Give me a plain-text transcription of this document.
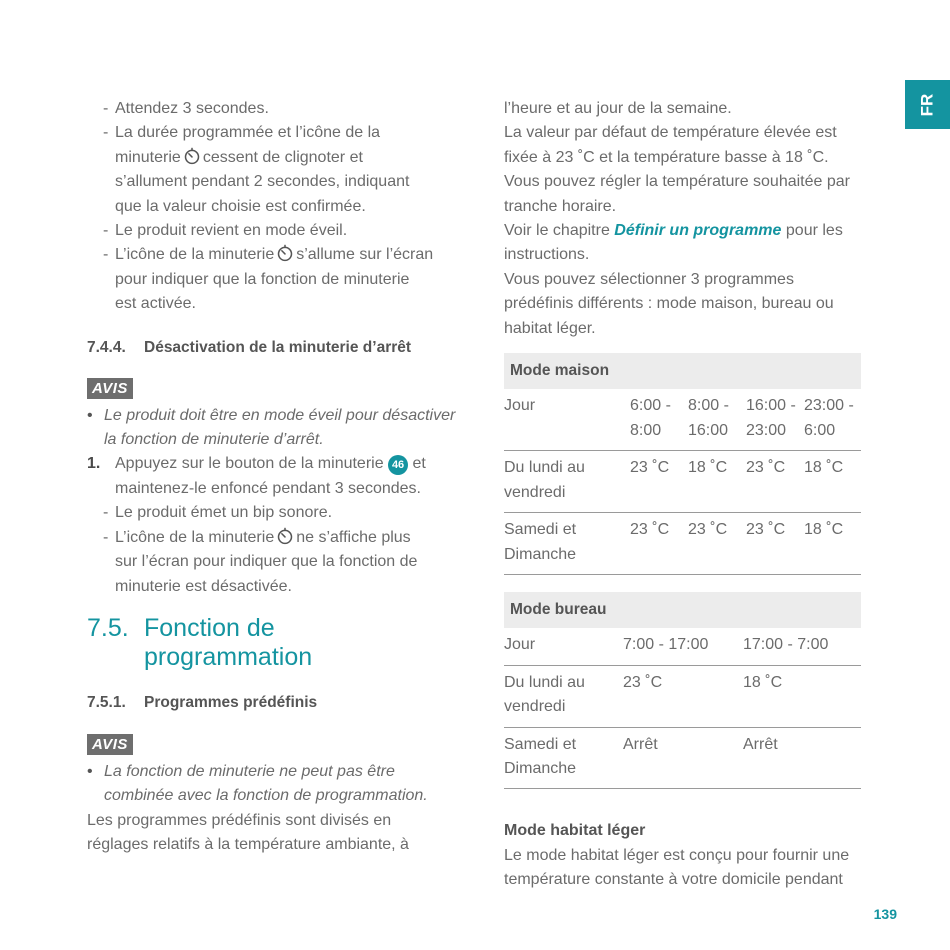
FR
139
- Attendez 3 secondes.
- La durée programmée et l’icône de la
minuterie cessent de clignoter et
s’allument pendant 2 secondes, indiquant
que la valeur choisie est confirmée.
- Le produit revient en mode éveil.
- L’icône de la minuterie s’allume sur l’écran
pour indiquer que la fonction de minuterie
est activée.
7.4.4. Désactivation de la minuterie d’arrêt
AVIS
• Le produit doit être en mode éveil pour désactiver
la fonction de minuterie d’arrêt.
1. Appuyez sur le bouton de la minuterie 46 et
maintenez-le enfoncé pendant 3 secondes.
- Le produit émet un bip sonore.
- L’icône de la minuterie ne s’affiche plus
sur l’écran pour indiquer que la fonction de
minuterie est désactivée.
7.5. Fonction de
programmation
7.5.1. Programmes prédéfinis
AVIS
• La fonction de minuterie ne peut pas être
combinée avec la fonction de programmation.
Les programmes prédéfinis sont divisés en
réglages relatifs à la température ambiante, à
l’heure et au jour de la semaine.
La valeur par défaut de température élevée est
fixée à 23 ˚C et la température basse à 18 ˚C.
Vous pouvez régler la température souhaitée par
tranche horaire.
Voir le chapitre Définir un programme pour les
instructions.
Vous pouvez sélectionner 3 programmes
prédéfinis différents : mode maison, bureau ou
habitat léger.
Mode maison				
Jour	6:00 - 8:00	8:00 - 16:00	16:00 - 23:00	23:00 - 6:00
Du lundi au vendredi	23 ˚C	18 ˚C	23 ˚C	18 ˚C
Samedi et Dimanche	23 ˚C	23 ˚C	23 ˚C	18 ˚C
Mode bureau		
Jour	7:00 - 17:00	17:00 - 7:00
Du lundi au vendredi	23 ˚C	18 ˚C
Samedi et Dimanche	Arrêt	Arrêt
Mode habitat léger
Le mode habitat léger est conçu pour fournir une
température constante à votre domicile pendant
